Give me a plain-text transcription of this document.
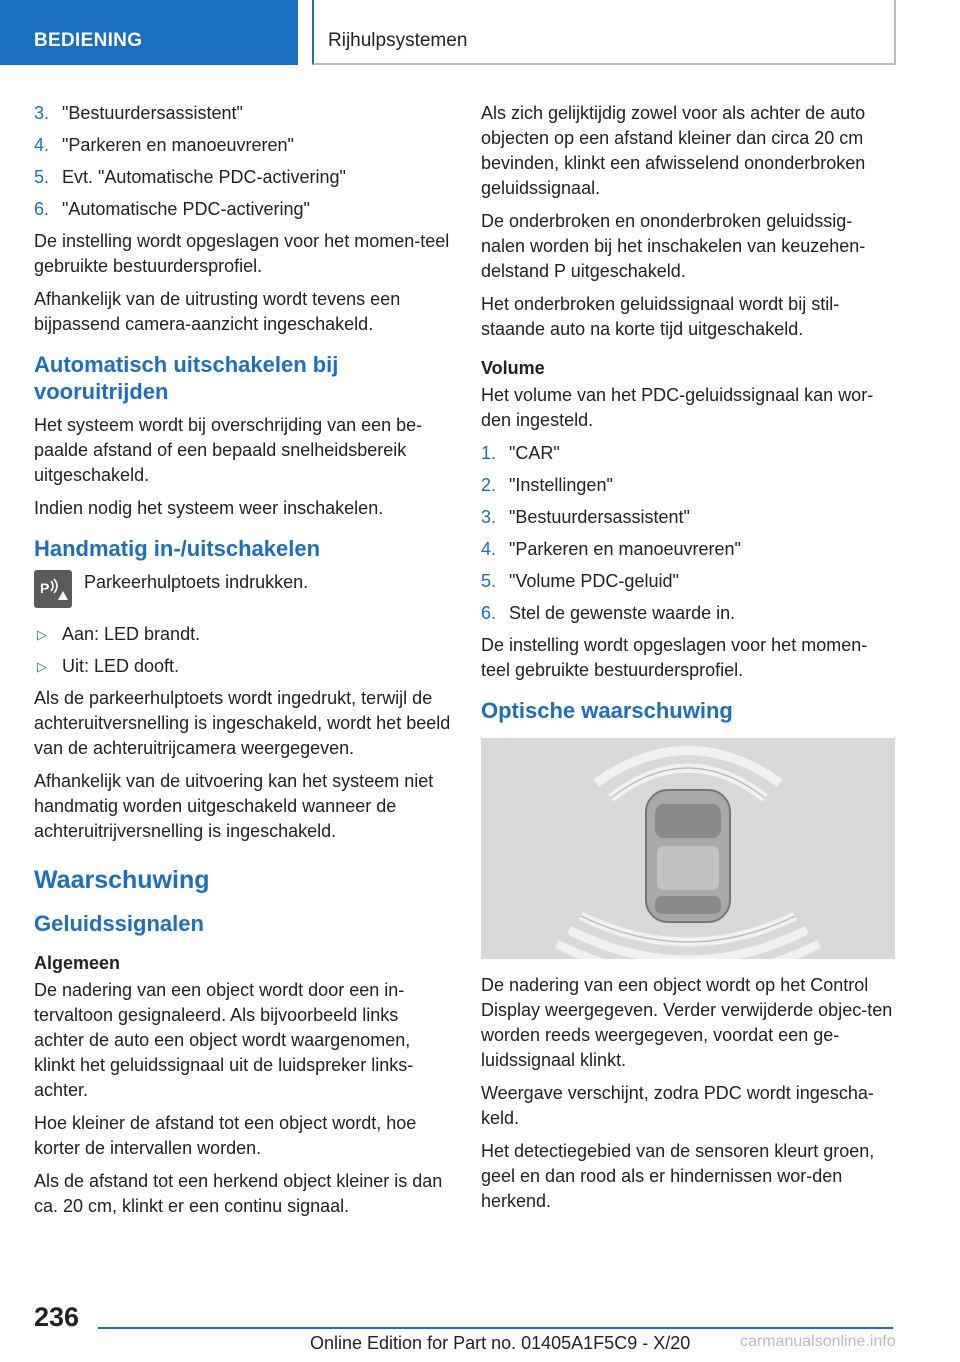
BEDIENING	Rijhulpsystemen
3. "Bestuurdersassistent"
4. "Parkeren en manoeuvreren"
5. Evt. "Automatische PDC-activering"
6. "Automatische PDC-activering"

De instelling wordt opgeslagen voor het momen-teel gebruikte bestuurdersprofiel.

Afhankelijk van de uitrusting wordt tevens een bijpassend camera-aanzicht ingeschakeld.

Automatisch uitschakelen bij vooruitrijden

Het systeem wordt bij overschrijding van een be-paalde afstand of een bepaald snelheidsbereik uitgeschakeld.

Indien nodig het systeem weer inschakelen.

Handmatig in-/uitschakelen
P Parkeerhulptoets indrukken.
▷ Aan: LED brandt.
▷ Uit: LED dooft.

Als de parkeerhulptoets wordt ingedrukt, terwijl de achteruitversnelling is ingeschakeld, wordt het beeld van de achteruitrijcamera weergegeven.

Afhankelijk van de uitvoering kan het systeem niet handmatig worden uitgeschakeld wanneer de achteruitrijversnelling is ingeschakeld.

Waarschuwing
Geluidssignalen
Algemeen

De nadering van een object wordt door een in-tervaltoon gesignaleerd. Als bijvoorbeeld links achter de auto een object wordt waargenomen, klinkt het geluidssignaal uit de luidspreker links-achter.

Hoe kleiner de afstand tot een object wordt, hoe korter de intervallen worden.

Als de afstand tot een herkend object kleiner is dan ca. 20 cm, klinkt er een continu signaal.

Als zich gelijktijdig zowel voor als achter de auto objecten op een afstand kleiner dan circa 20 cm bevinden, klinkt een afwisselend ononderbroken geluidssignaal.

De onderbroken en ononderbroken geluidssig-nalen worden bij het inschakelen van keuzehen-delstand P uitgeschakeld.

Het onderbroken geluidssignaal wordt bij stil-staande auto na korte tijd uitgeschakeld.

Volume

Het volume van het PDC-geluidssignaal kan wor-den ingesteld.

1. "CAR"
2. "Instellingen"
3. "Bestuurdersassistent"
4. "Parkeren en manoeuvreren"
5. "Volume PDC-geluid"
6. Stel de gewenste waarde in.

De instelling wordt opgeslagen voor het momen-teel gebruikte bestuurdersprofiel.

Optische waarschuwing

De nadering van een object wordt op het Control Display weergegeven. Verder verwijderde objec-ten worden reeds weergegeven, voordat een ge-luidssignaal klinkt.

Weergave verschijnt, zodra PDC wordt ingescha-keld.

Het detectiegebied van de sensoren kleurt groen, geel en dan rood als er hindernissen wor-den herkend.

236
Online Edition for Part no. 01405A1F5C9 - X/20	carmanualsonline.info
